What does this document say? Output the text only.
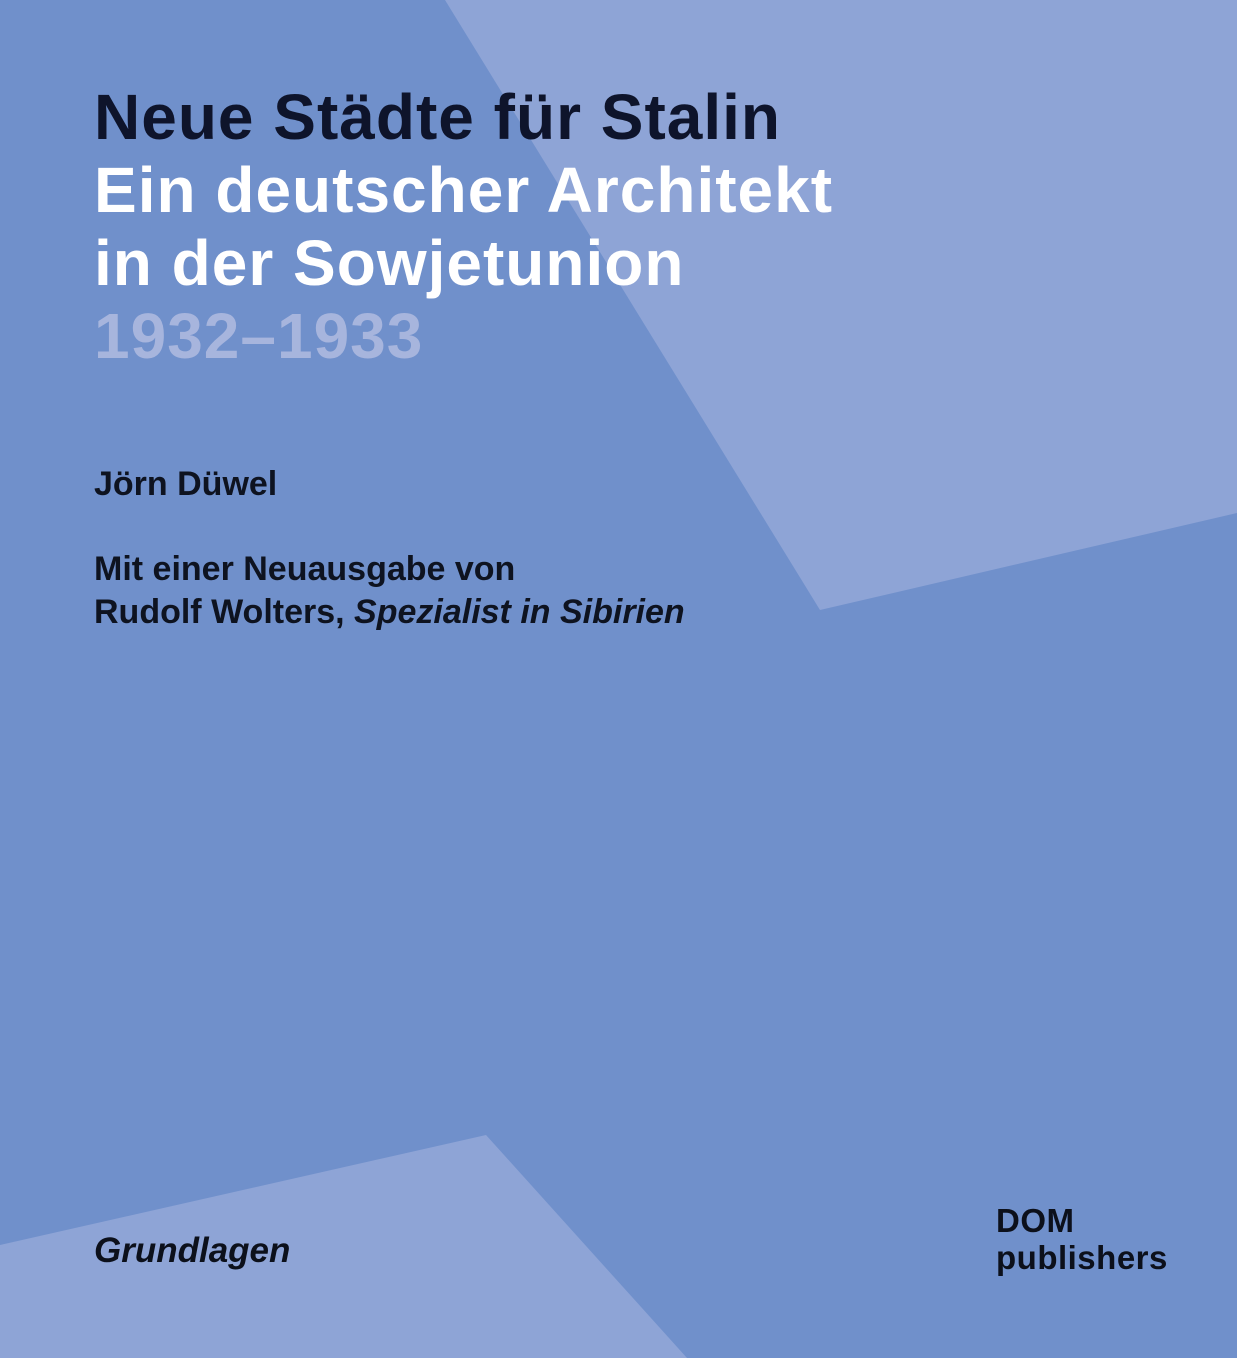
Neue Städte für Stalin
Ein deutscher Architekt
in der Sowjetunion
1932–1933
Jörn Düwel
Mit einer Neuausgabe von
Rudolf Wolters, Spezialist in Sibirien
Grundlagen
DOM
publishers
